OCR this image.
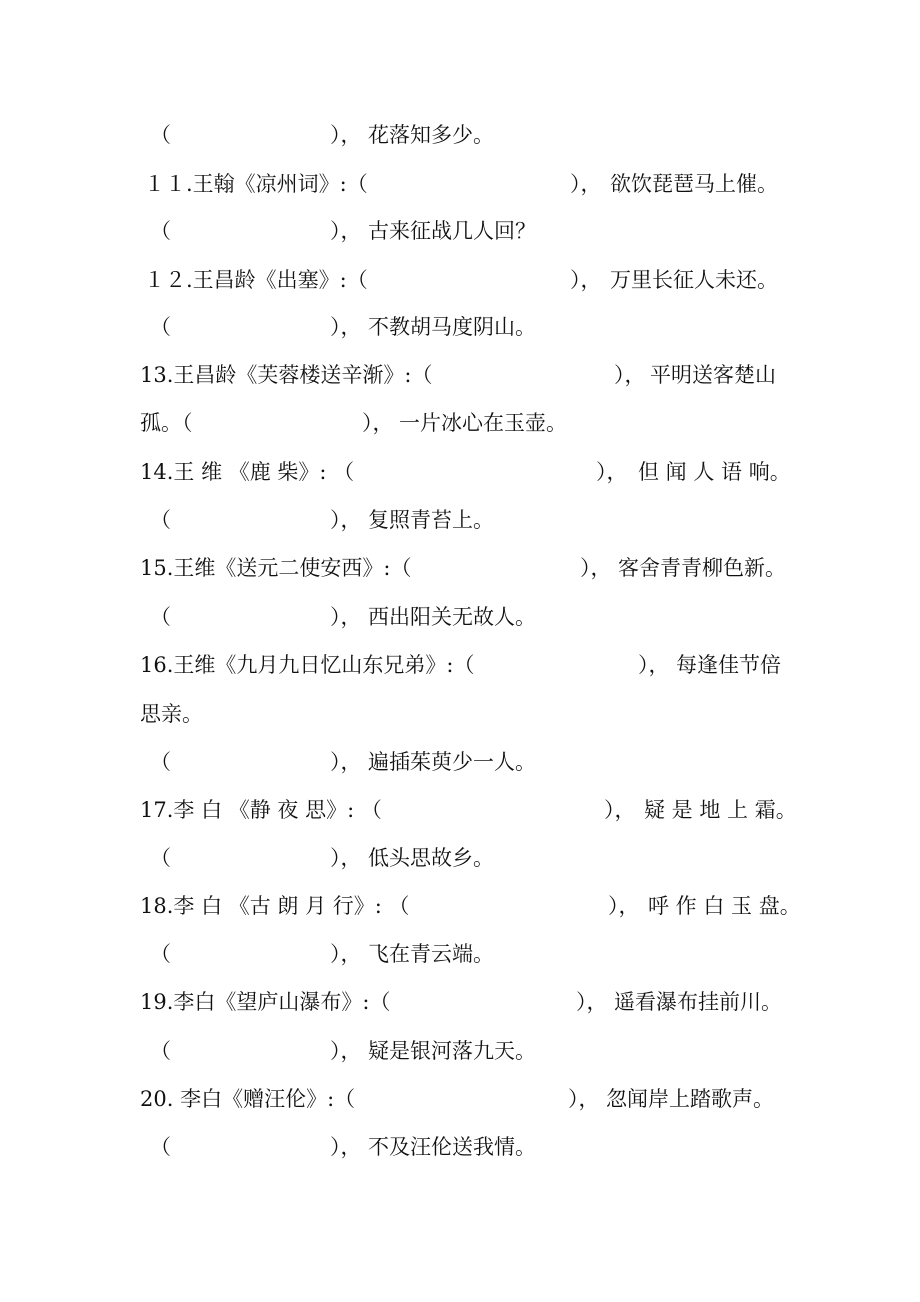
（	）， 花落知多少。
１１.王翰《凉州词》:（	）， 欲饮琵琶马上催。
（	）， 古来征战几人回？
１２.王昌龄《出塞》:（	）， 万里长征人未还。
（	）， 不教胡马度阴山。
13.王昌龄《芙蓉楼送辛渐》:（	）， 平明送客楚山
孤。（	）， 一片冰心在玉壶。
14.王 维 《鹿 柴》: （	）， 但 闻 人 语 响。
（	）， 复照青苔上。
15.王维《送元二使安西》:（	）， 客舍青青柳色新。
（	）， 西出阳关无故人。
16.王维《九月九日忆山东兄弟》:（	）， 每逢佳节倍
思亲。
（	）， 遍插茱萸少一人。
17.李 白 《静 夜 思》: （	）， 疑 是 地 上 霜。
（	）， 低头思故乡。
18.李 白 《古 朗 月 行》: （	）， 呼 作 白 玉 盘。
（	）， 飞在青云端。
19.李白《望庐山瀑布》:（	）， 遥看瀑布挂前川。
（	）， 疑是银河落九天。
20. 李白《赠汪伦》:（	）， 忽闻岸上踏歌声。
（	）， 不及汪伦送我情。
